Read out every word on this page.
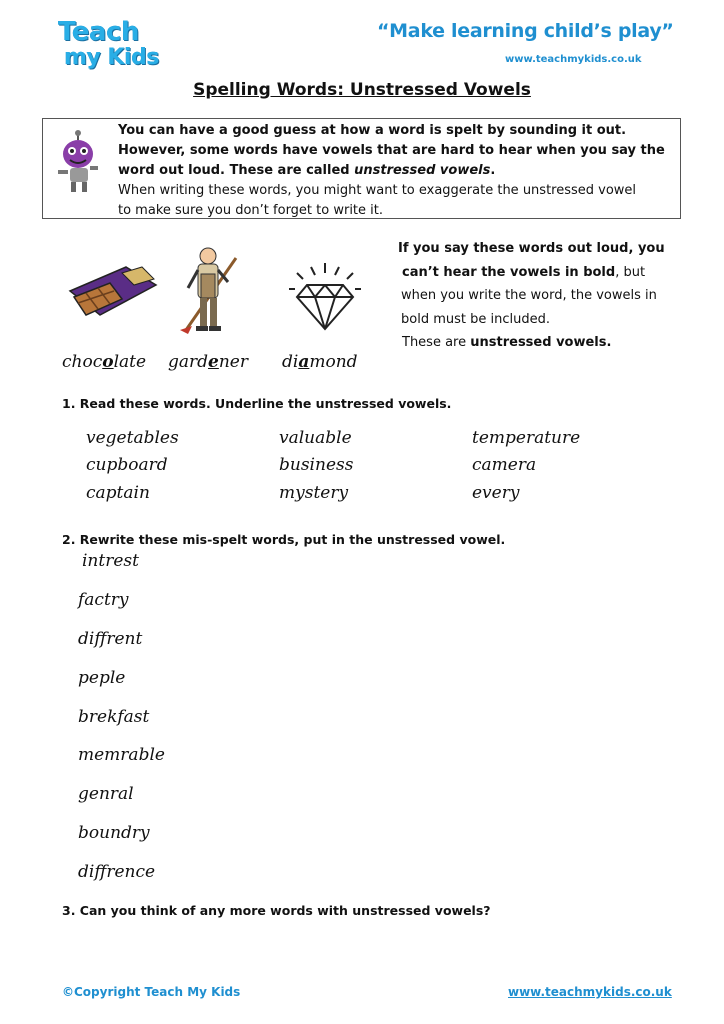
Teach
my Kids
“Make learning child’s play”
www.teachmykids.co.uk
Spelling Words: Unstressed Vowels
You can have a good guess at how a word is spelt by sounding it out.
However, some words have vowels that are hard to hear when you say the
word out loud. These are called unstressed vowels.
When writing these words, you might want to exaggerate the unstressed vowel
to make sure you don’t forget to write it.
If you say these words out loud, you
can’t hear the vowels in bold, but
when you write the word, the vowels in
bold must be included.
These are unstressed vowels.
chocolate gardener diamond
1. Read these words. Underline the unstressed vowels.
vegetables
cupboard
captain
valuable
business
mystery
temperature
camera
every
2. Rewrite these mis-spelt words, put in the unstressed vowel.
intrest
factry
diffrent
peple
brekfast
memrable
genral
boundry
diffrence
3. Can you think of any more words with unstressed vowels?
©Copyright Teach My Kids	www.teachmykids.co.uk
